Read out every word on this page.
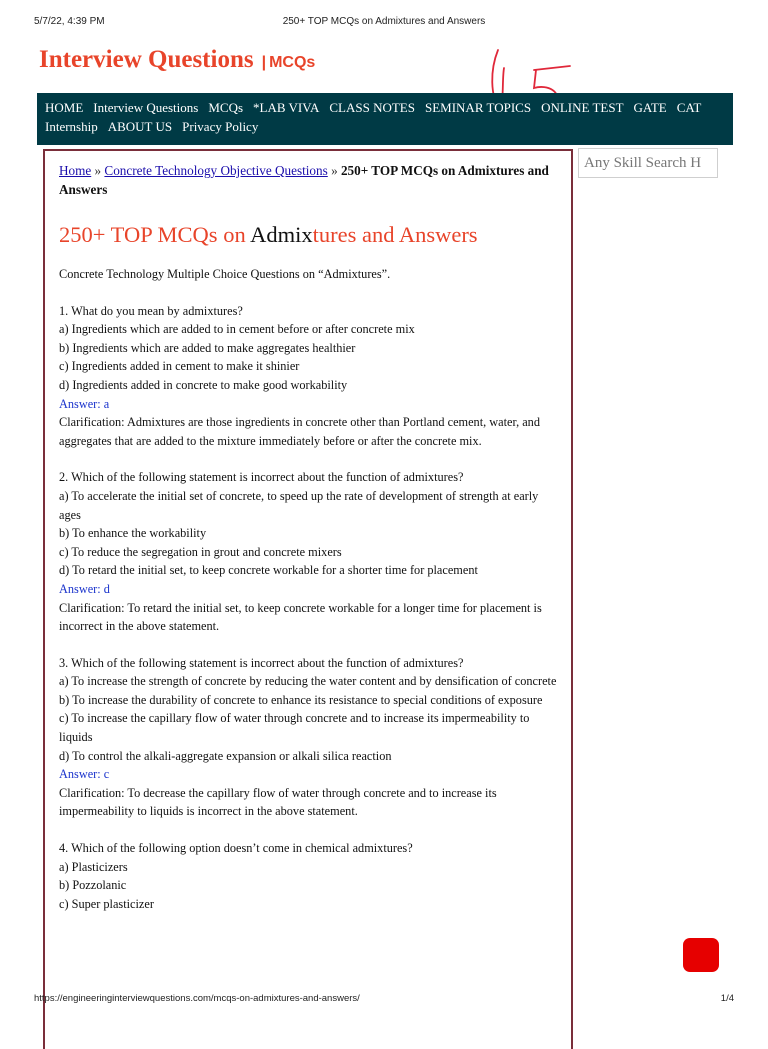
5/7/22, 4:39 PM	250+ TOP MCQs on Admixtures and Answers
Interview Questions | MCQs
HOME Interview Questions MCQs *LAB VIVA CLASS NOTES SEMINAR TOPICS ONLINE TEST GATE CAT
Internship ABOUT US Privacy Policy
Any Skill Search H
Home » Concrete Technology Objective Questions » 250+ TOP MCQs on Admixtures and Answers
250+ TOP MCQs on Admixtures and Answers

Concrete Technology Multiple Choice Questions on “Admixtures”.

1. What do you mean by admixtures?

a) Ingredients which are added to in cement before or after concrete mix

b) Ingredients which are added to make aggregates healthier

c) Ingredients added in cement to make it shinier

d) Ingredients added in concrete to make good workability

Answer: a

Clarification: Admixtures are those ingredients in concrete other than Portland cement, water, and aggregates that are added to the mixture immediately before or after the concrete mix.

2. Which of the following statement is incorrect about the function of admixtures?

a) To accelerate the initial set of concrete, to speed up the rate of development of strength at early ages

b) To enhance the workability

c) To reduce the segregation in grout and concrete mixers

d) To retard the initial set, to keep concrete workable for a shorter time for placement

Answer: d

Clarification: To retard the initial set, to keep concrete workable for a longer time for placement is incorrect in the above statement.

3. Which of the following statement is incorrect about the function of admixtures?

a) To increase the strength of concrete by reducing the water content and by densification of concrete

b) To increase the durability of concrete to enhance its resistance to special conditions of exposure

c) To increase the capillary flow of water through concrete and to increase its impermeability to liquids

d) To control the alkali-aggregate expansion or alkali silica reaction

Answer: c

Clarification: To decrease the capillary flow of water through concrete and to increase its impermeability to liquids is incorrect in the above statement.

4. Which of the following option doesn’t come in chemical admixtures?

a) Plasticizers

b) Pozzolanic

c) Super plasticizer

https://engineeringinterviewquestions.com/mcqs-on-admixtures-and-answers/	1/4
